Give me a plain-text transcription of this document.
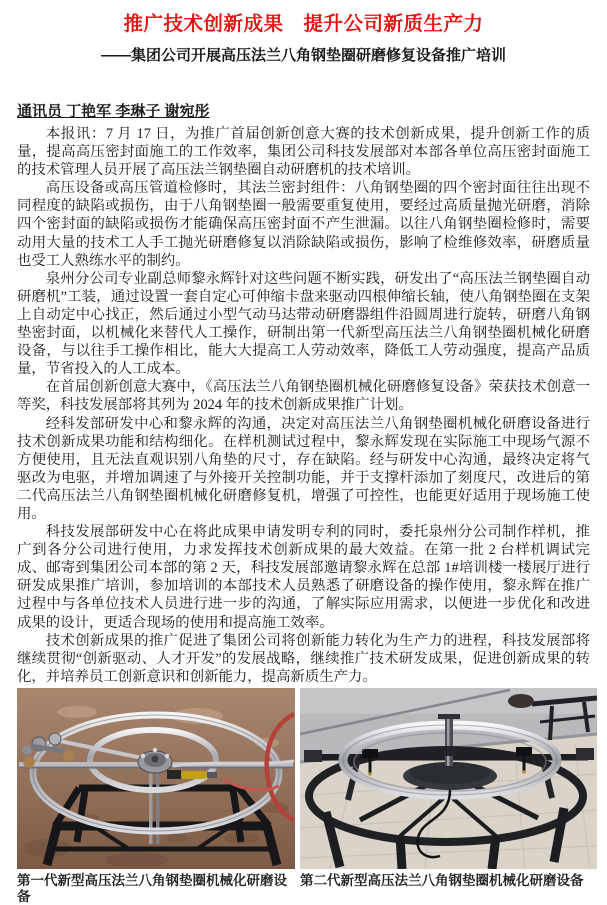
推广技术创新成果　提升公司新质生产力
——集团公司开展高压法兰八角钢垫圈研磨修复设备推广培训
通讯员 丁艳军 李琳子 谢宛彤

本报讯：7 月 17 日，为推广首届创新创意大赛的技术创新成果，提升创新工作的质量，提高高压密封面施工的工作效率，集团公司科技发展部对本部各单位高压密封面施工的技术管理人员开展了高压法兰钢垫圈自动研磨机的技术培训。

高压设备或高压管道检修时，其法兰密封组件：八角钢垫圈的四个密封面往往出现不同程度的缺陷或损伤，由于八角钢垫圈一般需要重复使用，要经过高质量抛光研磨，消除四个密封面的缺陷或损伤才能确保高压密封面不产生泄漏。以往八角钢垫圈检修时，需要动用大量的技术工人手工抛光研磨修复以消除缺陷或损伤，影响了检维修效率，研磨质量也受工人熟练水平的制约。

泉州分公司专业副总师黎永辉针对这些问题不断实践，研发出了“高压法兰钢垫圈自动研磨机”工装，通过设置一套自定心可伸缩卡盘来驱动四根伸缩长轴，使八角钢垫圈在支架上自动定中心找正，然后通过小型气动马达带动研磨器组件沿圆周进行旋转，研磨八角钢垫密封面，以机械化来替代人工操作，研制出第一代新型高压法兰八角钢垫圈机械化研磨设备，与以往手工操作相比，能大大提高工人劳动效率，降低工人劳动强度，提高产品质量，节省投入的人工成本。

在首届创新创意大赛中，《高压法兰八角钢垫圈机械化研磨修复设备》荣获技术创意一等奖，科技发展部将其列为 2024 年的技术创新成果推广计划。

经科发部研发中心和黎永辉的沟通，决定对高压法兰八角钢垫圈机械化研磨设备进行技术创新成果功能和结构细化。在样机测试过程中，黎永辉发现在实际施工中现场气源不方便使用，且无法直观识别八角垫的尺寸，存在缺陷。经与研发中心沟通，最终决定将气驱改为电驱，并增加调速了与外接开关控制功能，并于支撑杆添加了刻度尺，改进后的第二代高压法兰八角钢垫圈机械化研磨修复机，增强了可控性，也能更好适用于现场施工使用。

科技发展部研发中心在将此成果申请发明专利的同时，委托泉州分公司制作样机，推广到各分公司进行使用，力求发挥技术创新成果的最大效益。在第一批 2 台样机调试完成、邮寄到集团公司本部的第 2 天，科技发展部邀请黎永辉在总部 1#培训楼一楼展厅进行研发成果推广培训，参加培训的本部技术人员熟悉了研磨设备的操作使用，黎永辉在推广过程中与各单位技术人员进行进一步的沟通，了解实际应用需求，以便进一步优化和改进成果的设计，更适合现场的使用和提高施工效率。

技术创新成果的推广促进了集团公司将创新能力转化为生产力的进程，科技发展部将继续贯彻“创新驱动、人才开发”的发展战略，继续推广技术研发成果，促进创新成果的转化，并培养员工创新意识和创新能力，提高新质生产力。

第一代新型高压法兰八角钢垫圈机械化研磨设备
第二代新型高压法兰八角钢垫圈机械化研磨设备
